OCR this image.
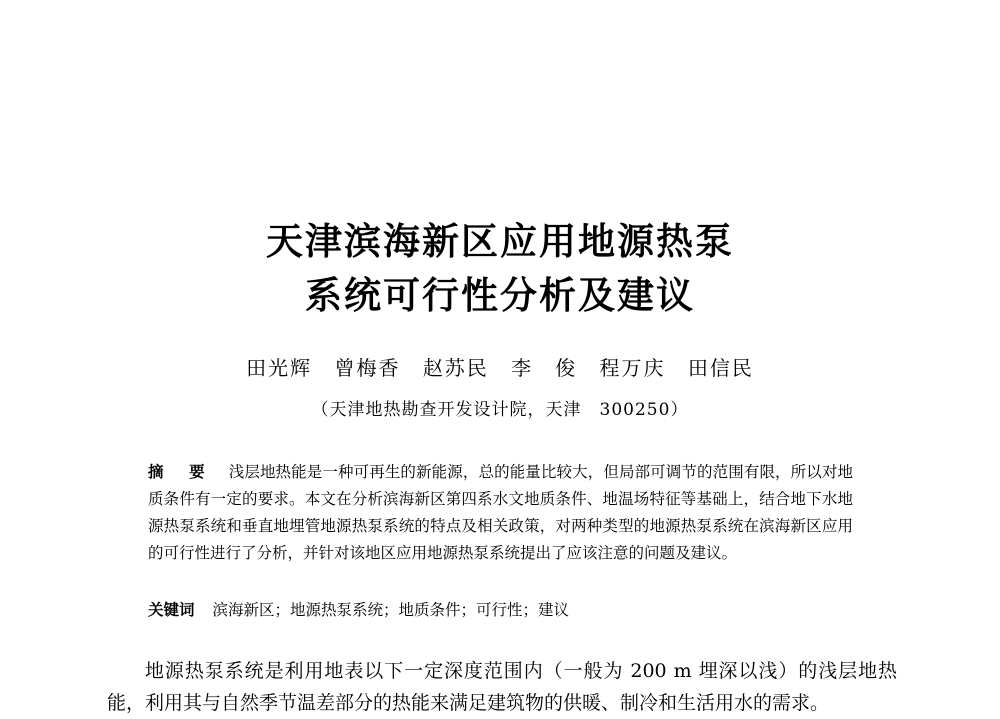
天津滨海新区应用地源热泵
系统可行性分析及建议
田光辉 曾梅香 赵苏民 李　俊 程万庆 田信民
（天津地热勘查开发设计院，天津　300250）
摘 要 浅层地热能是一种可再生的新能源，总的能量比较大，但局部可调节的范围有限，所以对地质条件有一定的要求。本文在分析滨海新区第四系水文地质条件、地温场特征等基础上，结合地下水地源热泵系统和垂直地埋管地源热泵系统的特点及相关政策，对两种类型的地源热泵系统在滨海新区应用的可行性进行了分析，并针对该地区应用地源热泵系统提出了应该注意的问题及建议。
关键词 滨海新区；地源热泵系统；地质条件；可行性；建议
地源热泵系统是利用地表以下一定深度范围内（一般为 200 m 埋深以浅）的浅层地热能，利用其与自然季节温差部分的热能来满足建筑物的供暖、制冷和生活用水的需求。
